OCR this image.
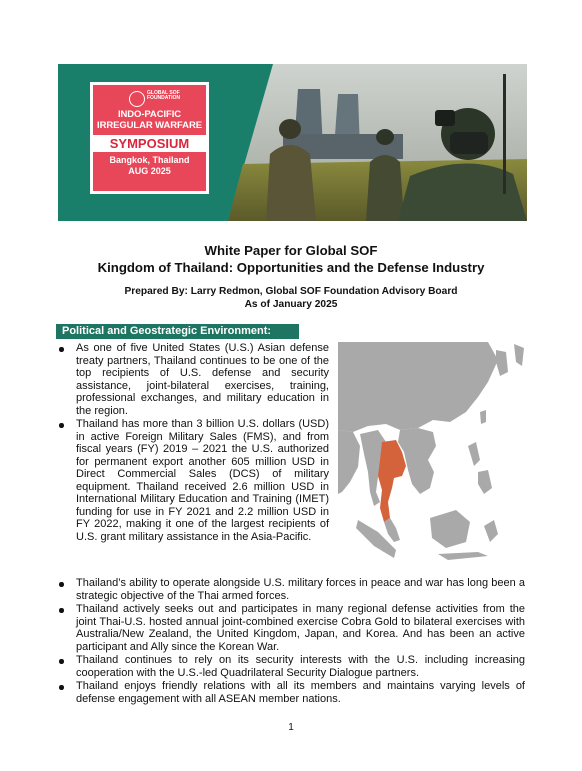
GLOBAL SOF FOUNDATION
INDO-PACIFIC
IRREGULAR WARFARE
SYMPOSIUM
Bangkok, Thailand
AUG 2025
White Paper for Global SOF
Kingdom of Thailand: Opportunities and the Defense Industry
Prepared By: Larry Redmon, Global SOF Foundation Advisory Board
As of January 2025
Political and Geostrategic Environment:
As one of five United States (U.S.) Asian defense treaty partners, Thailand continues to be one of the top recipients of U.S. defense and security assistance, joint-bilateral exercises, training, professional exchanges, and military education in the region.
Thailand has more than 3 billion U.S. dollars (USD) in active Foreign Military Sales (FMS), and from fiscal years (FY) 2019 – 2021 the U.S. authorized for permanent export another 605 million USD in Direct Commercial Sales (DCS) of military equipment. Thailand received 2.6 million USD in International Military Education and Training (IMET) funding for use in FY 2021 and 2.2 million USD in FY 2022, making it one of the largest recipients of U.S. grant military assistance in the Asia-Pacific.
Thailand’s ability to operate alongside U.S. military forces in peace and war has long been a strategic objective of the Thai armed forces.
Thailand actively seeks out and participates in many regional defense activities from the joint Thai-U.S. hosted annual joint-combined exercise Cobra Gold to bilateral exercises with Australia/New Zealand, the United Kingdom, Japan, and Korea. And has been an active participant and Ally since the Korean War.
Thailand continues to rely on its security interests with the U.S. including increasing cooperation with the U.S.-led Quadrilateral Security Dialogue partners.
Thailand enjoys friendly relations with all its members and maintains varying levels of defense engagement with all ASEAN member nations.
1
